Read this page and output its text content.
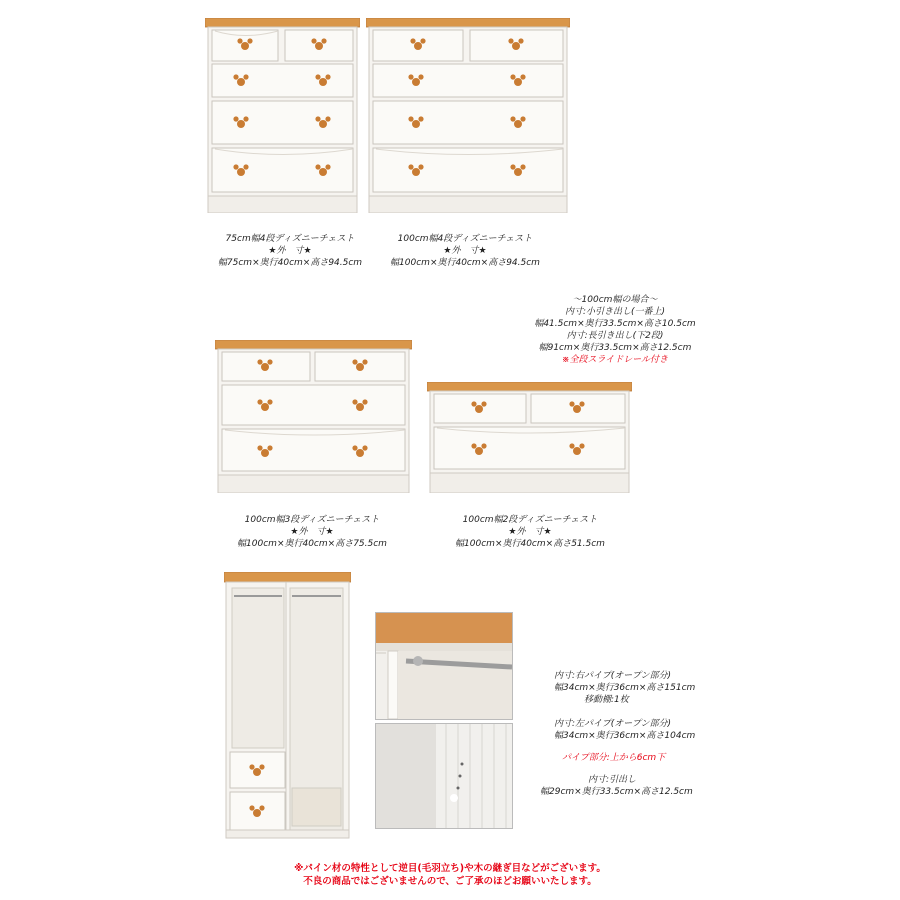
75cm幅4段ディズニーチェスト
★外　寸★
幅75cm×奥行40cm×高さ94.5cm
100cm幅4段ディズニーチェスト
★外　寸★
幅100cm×奥行40cm×高さ94.5cm
100cm幅3段ディズニーチェスト
★外　寸★
幅100cm×奥行40cm×高さ75.5cm
100cm幅2段ディズニーチェスト
★外　寸★
幅100cm×奥行40cm×高さ51.5cm
～100cm幅の場合～
内寸:小引き出し(一番上)
幅41.5cm×奥行33.5cm×高さ10.5cm
内寸:長引き出し(下2段)
幅91cm×奥行33.5cm×高さ12.5cm
※全段スライドレール付き
内寸:右パイプ(オープン部分)
幅34cm×奥行36cm×高さ151cm
移動棚:1枚
内寸:左パイプ(オープン部分)
幅34cm×奥行36cm×高さ104cm
パイプ部分:上から6cm下
内寸:引出し
幅29cm×奥行33.5cm×高さ12.5cm
※パイン材の特性として逆目(毛羽立ち)や木の継ぎ目などがございます。
不良の商品ではございませんので、ご了承のほどお願いいたします。
